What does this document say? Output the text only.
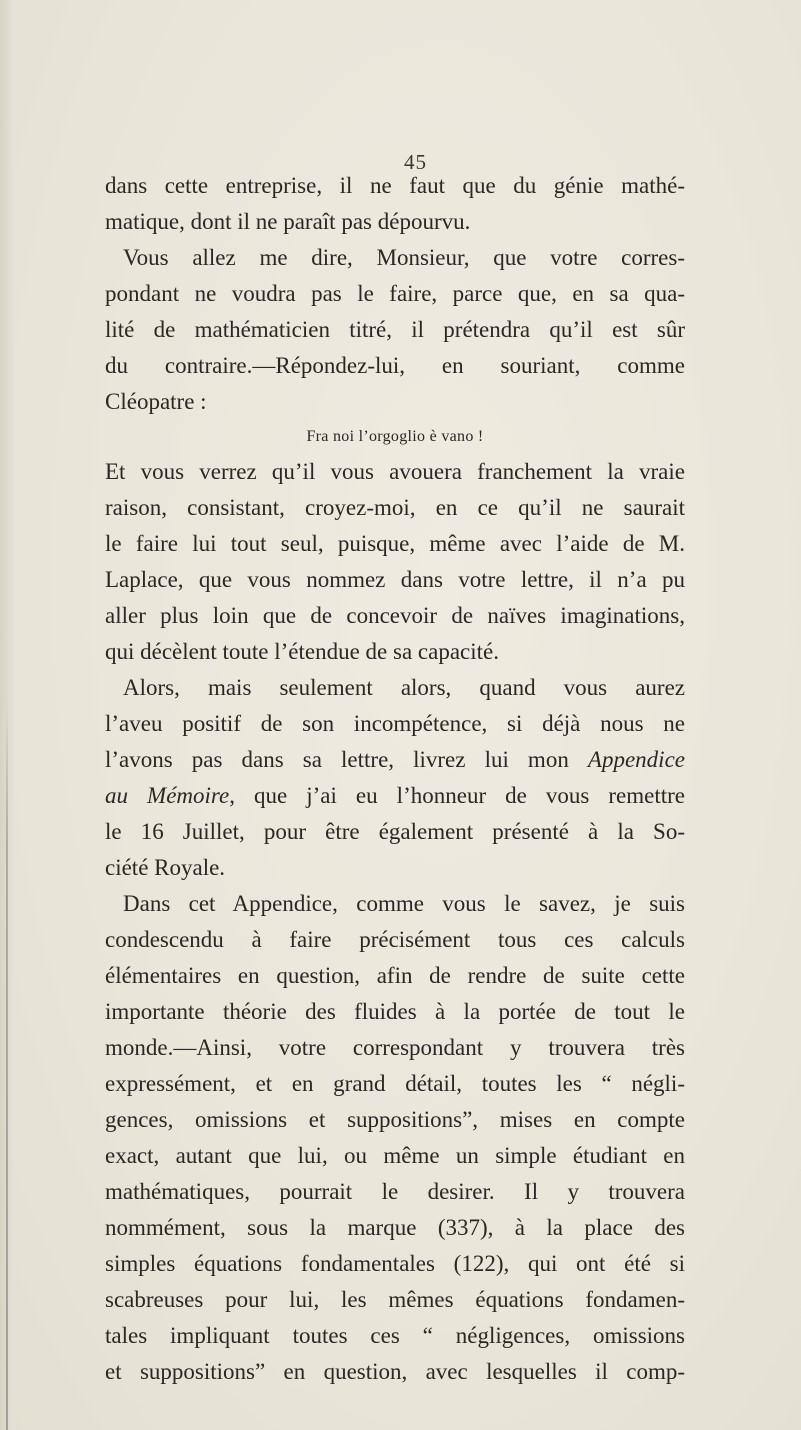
45
dans cette entreprise, il ne faut que du génie mathé-
matique, dont il ne paraît pas dépourvu.
Vous allez me dire, Monsieur, que votre corres-
pondant ne voudra pas le faire, parce que, en sa qua-
lité de mathématicien titré, il prétendra qu’il est sûr
du contraire.—Répondez-lui, en souriant, comme
Cléopatre :
Fra noi l’orgoglio è vano !
Et vous verrez qu’il vous avouera franchement la vraie
raison, consistant, croyez-moi, en ce qu’il ne saurait
le faire lui tout seul, puisque, même avec l’aide de M.
Laplace, que vous nommez dans votre lettre, il n’a pu
aller plus loin que de concevoir de naïves imaginations,
qui décèlent toute l’étendue de sa capacité.
Alors, mais seulement alors, quand vous aurez
l’aveu positif de son incompétence, si déjà nous ne
l’avons pas dans sa lettre, livrez lui mon Appendice
au Mémoire, que j’ai eu l’honneur de vous remettre
le 16 Juillet, pour être également présenté à la So-
ciété Royale.
Dans cet Appendice, comme vous le savez, je suis
condescendu à faire précisément tous ces calculs
élémentaires en question, afin de rendre de suite cette
importante théorie des fluides à la portée de tout le
monde.—Ainsi, votre correspondant y trouvera très
expressément, et en grand détail, toutes les “ négli-
gences, omissions et suppositions”, mises en compte
exact, autant que lui, ou même un simple étudiant en
mathématiques, pourrait le desirer. Il y trouvera
nommément, sous la marque (337), à la place des
simples équations fondamentales (122), qui ont été si
scabreuses pour lui, les mêmes équations fondamen-
tales impliquant toutes ces “ négligences, omissions
et suppositions” en question, avec lesquelles il comp-
